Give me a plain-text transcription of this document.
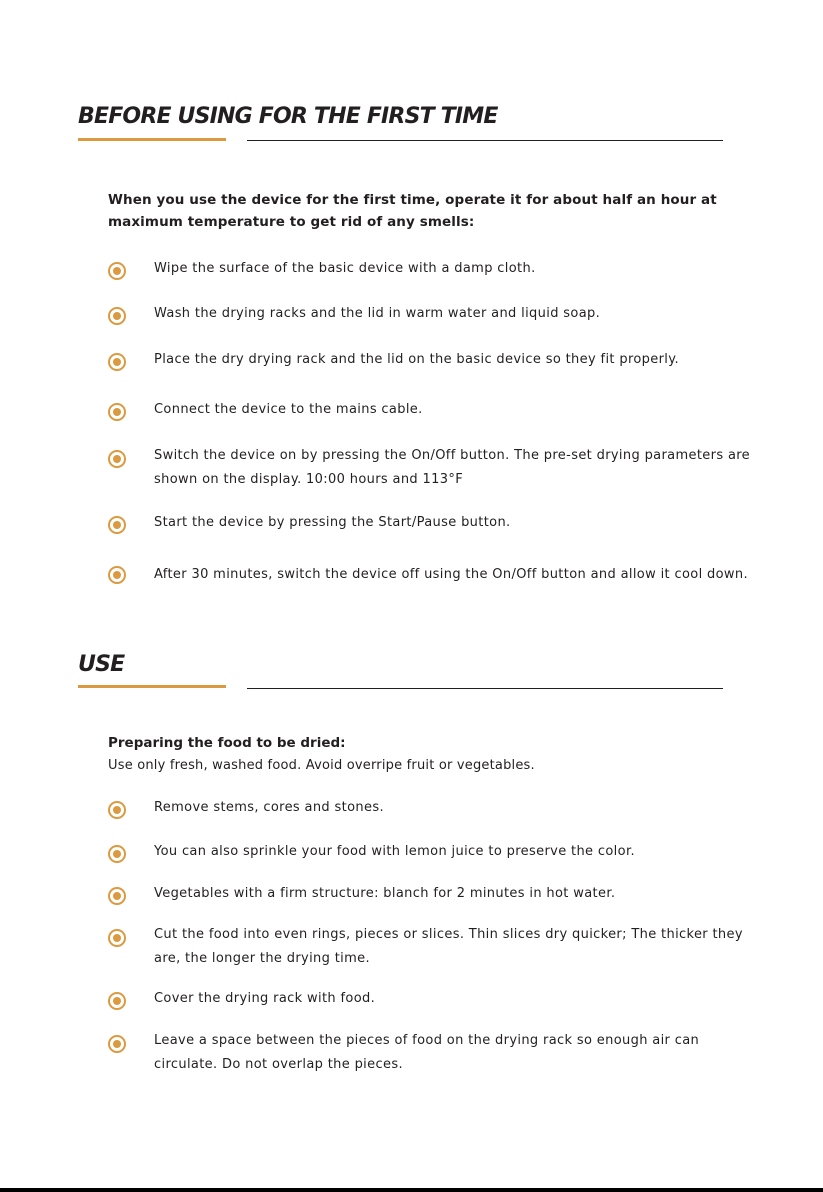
BEFORE USING FOR THE FIRST TIME

When you use the device for the first time, operate it for about half an hour at maximum temperature to get rid of any smells:

Wipe the surface of the basic device with a damp cloth.

Wash the drying racks and the lid in warm water and liquid soap.

Place the dry drying rack and the lid on the basic device so they fit properly.

Connect the device to the mains cable.

Switch the device on by pressing the On/Off button. The pre-set drying parameters are shown on the display. 10:00 hours and 113°F

Start the device by pressing the Start/Pause button.

After 30 minutes, switch the device off using the On/Off button and allow it cool down.

USE

Preparing the food to be dried:

Use only fresh, washed food. Avoid overripe fruit or vegetables.

Remove stems, cores and stones.

You can also sprinkle your food with lemon juice to preserve the color.

Vegetables with a firm structure: blanch for 2 minutes in hot water.

Cut the food into even rings, pieces or slices. Thin slices dry quicker; The thicker they are, the longer the drying time.

Cover the drying rack with food.

Leave a space between the pieces of food on the drying rack so enough air can circulate. Do not overlap the pieces.
